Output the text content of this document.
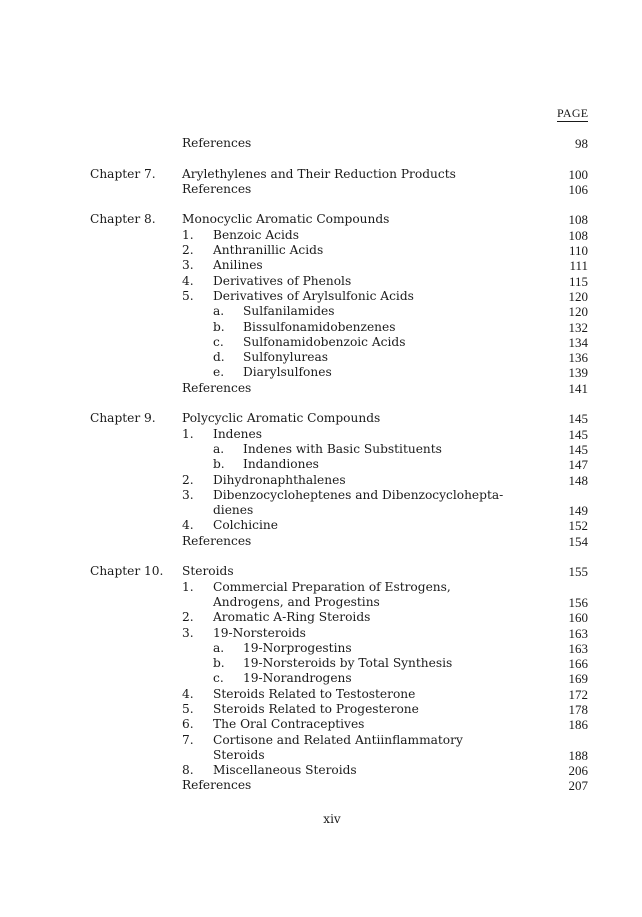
PAGE
References	98
Chapter 7. Arylethylenes and Their Reduction Products	100
References	106
Chapter 8. Monocyclic Aromatic Compounds	108
1. Benzoic Acids	108
2. Anthranillic Acids	110
3. Anilines	111
4. Derivatives of Phenols	115
5. Derivatives of Arylsulfonic Acids	120
a. Sulfanilamides	120
b. Bissulfonamidobenzenes	132
c. Sulfonamidobenzoic Acids	134
d. Sulfonylureas	136
e. Diarylsulfones	139
References	141
Chapter 9. Polycyclic Aromatic Compounds	145
1. Indenes	145
a. Indenes with Basic Substituents	145
b. Indandiones	147
2. Dihydronaphthalenes	148
3. Dibenzocycloheptenes and Dibenzocyclohepta-
dienes	149
4. Colchicine	152
References	154
Chapter 10. Steroids	155
1. Commercial Preparation of Estrogens,
Androgens, and Progestins	156
2. Aromatic A-Ring Steroids	160
3. 19-Norsteroids	163
a. 19-Norprogestins	163
b. 19-Norsteroids by Total Synthesis	166
c. 19-Norandrogens	169
4. Steroids Related to Testosterone	172
5. Steroids Related to Progesterone	178
6. The Oral Contraceptives	186
7. Cortisone and Related Antiinflammatory
Steroids	188
8. Miscellaneous Steroids	206
References	207
xiv
